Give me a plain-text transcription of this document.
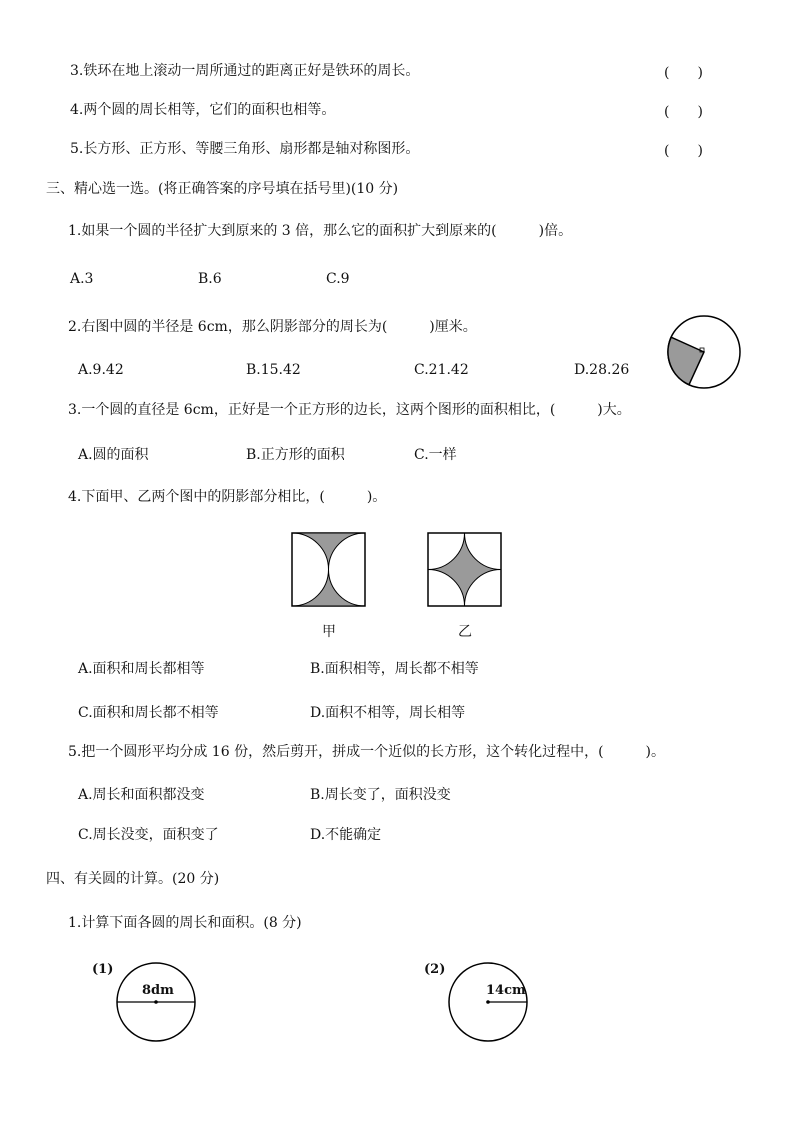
3.铁环在地上滚动一周所通过的距离正好是铁环的周长。	(　　)
4.两个圆的周长相等，它们的面积也相等。	(　　)
5.长方形、正方形、等腰三角形、扇形都是轴对称图形。	(　　)
三、精心选一选。(将正确答案的序号填在括号里)(10 分)
1.如果一个圆的半径扩大到原来的 3 倍，那么它的面积扩大到原来的(　　　)倍。
A.3	B.6	C.9
2.右图中圆的半径是 6cm，那么阴影部分的周长为(　　　)厘米。
A.9.42	B.15.42	C.21.42	D.28.26
3.一个圆的直径是 6cm，正好是一个正方形的边长，这两个图形的面积相比，(　　　)大。
A.圆的面积	B.正方形的面积	C.一样
4.下面甲、乙两个图中的阴影部分相比，(　　　)。
甲	乙
A.面积和周长都相等	B.面积相等，周长都不相等
C.面积和周长都不相等	D.面积不相等，周长相等
5.把一个圆形平均分成 16 份，然后剪开，拼成一个近似的长方形，这个转化过程中，(　　　)。
A.周长和面积都没变	B.周长变了，面积没变
C.周长没变，面积变了	D.不能确定
四、有关圆的计算。(20 分)
1.计算下面各圆的周长和面积。(8 分)
(1)
8dm
(2)
14cm
